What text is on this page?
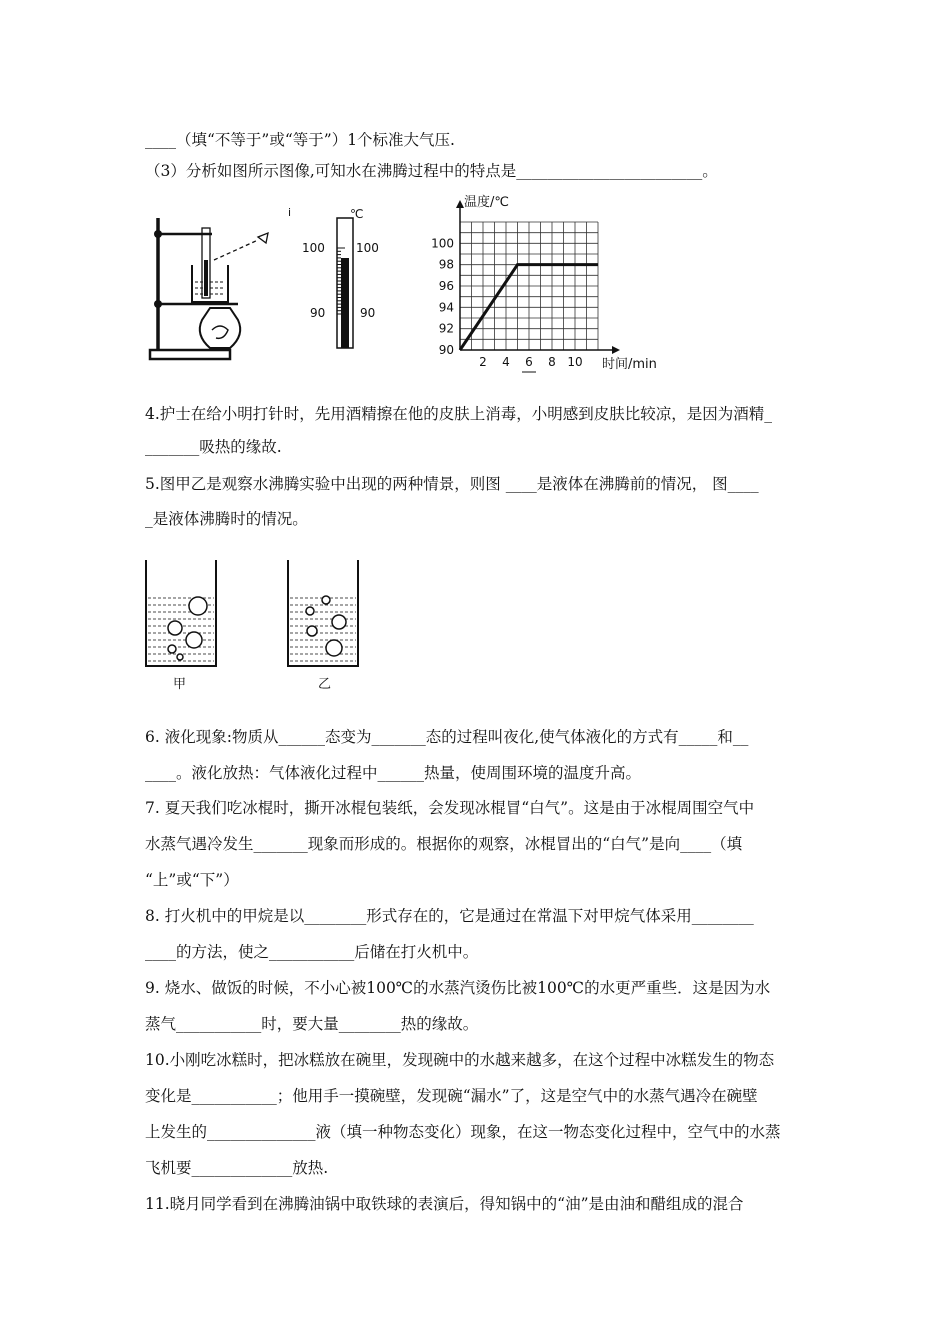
____（填“不等于”或“等于”）1个标准大气压.
（3）分析如图所示图像,可知水在沸腾过程中的特点是________________________。
i	℃
100	100
90	90
2 4 6 8 10
90
92
94
96
98
100
温度/℃
时间/min
4.护士在给小明打针时，先用酒精擦在他的皮肤上消毒，小明感到皮肤比较凉，是因为酒精_
_______吸热的缘故.
5.图甲乙是观察水沸腾实验中出现的两种情景，则图 ____是液体在沸腾前的情况， 图____
_是液体沸腾时的情况。
甲	乙
6. 液化现象:物质从______态变为_______态的过程叫夜化,使气体液化的方式有_____和__
____。液化放热：气体液化过程中______热量，使周围环境的温度升高。
7. 夏天我们吃冰棍时，撕开冰棍包装纸，会发现冰棍冒“白气”。这是由于冰棍周围空气中
水蒸气遇冷发生_______现象而形成的。根据你的观察，冰棍冒出的“白气”是向____（填
“上”或“下”）
8. 打火机中的甲烷是以________形式存在的，它是通过在常温下对甲烷气体采用________
____的方法，使之___________后储在打火机中。
9. 烧水、做饭的时候，不小心被100℃的水蒸汽烫伤比被100℃的水更严重些．这是因为水
蒸气___________时，要大量________热的缘故。
10.小刚吃冰糕时，把冰糕放在碗里，发现碗中的水越来越多，在这个过程中冰糕发生的物态
变化是___________；他用手一摸碗壁，发现碗“漏水”了，这是空气中的水蒸气遇冷在碗壁
上发生的______________液（填一种物态变化）现象，在这一物态变化过程中，空气中的水蒸
飞机要_____________放热.
11.晓月同学看到在沸腾油锅中取铁球的表演后，得知锅中的“油”是由油和醋组成的混合
